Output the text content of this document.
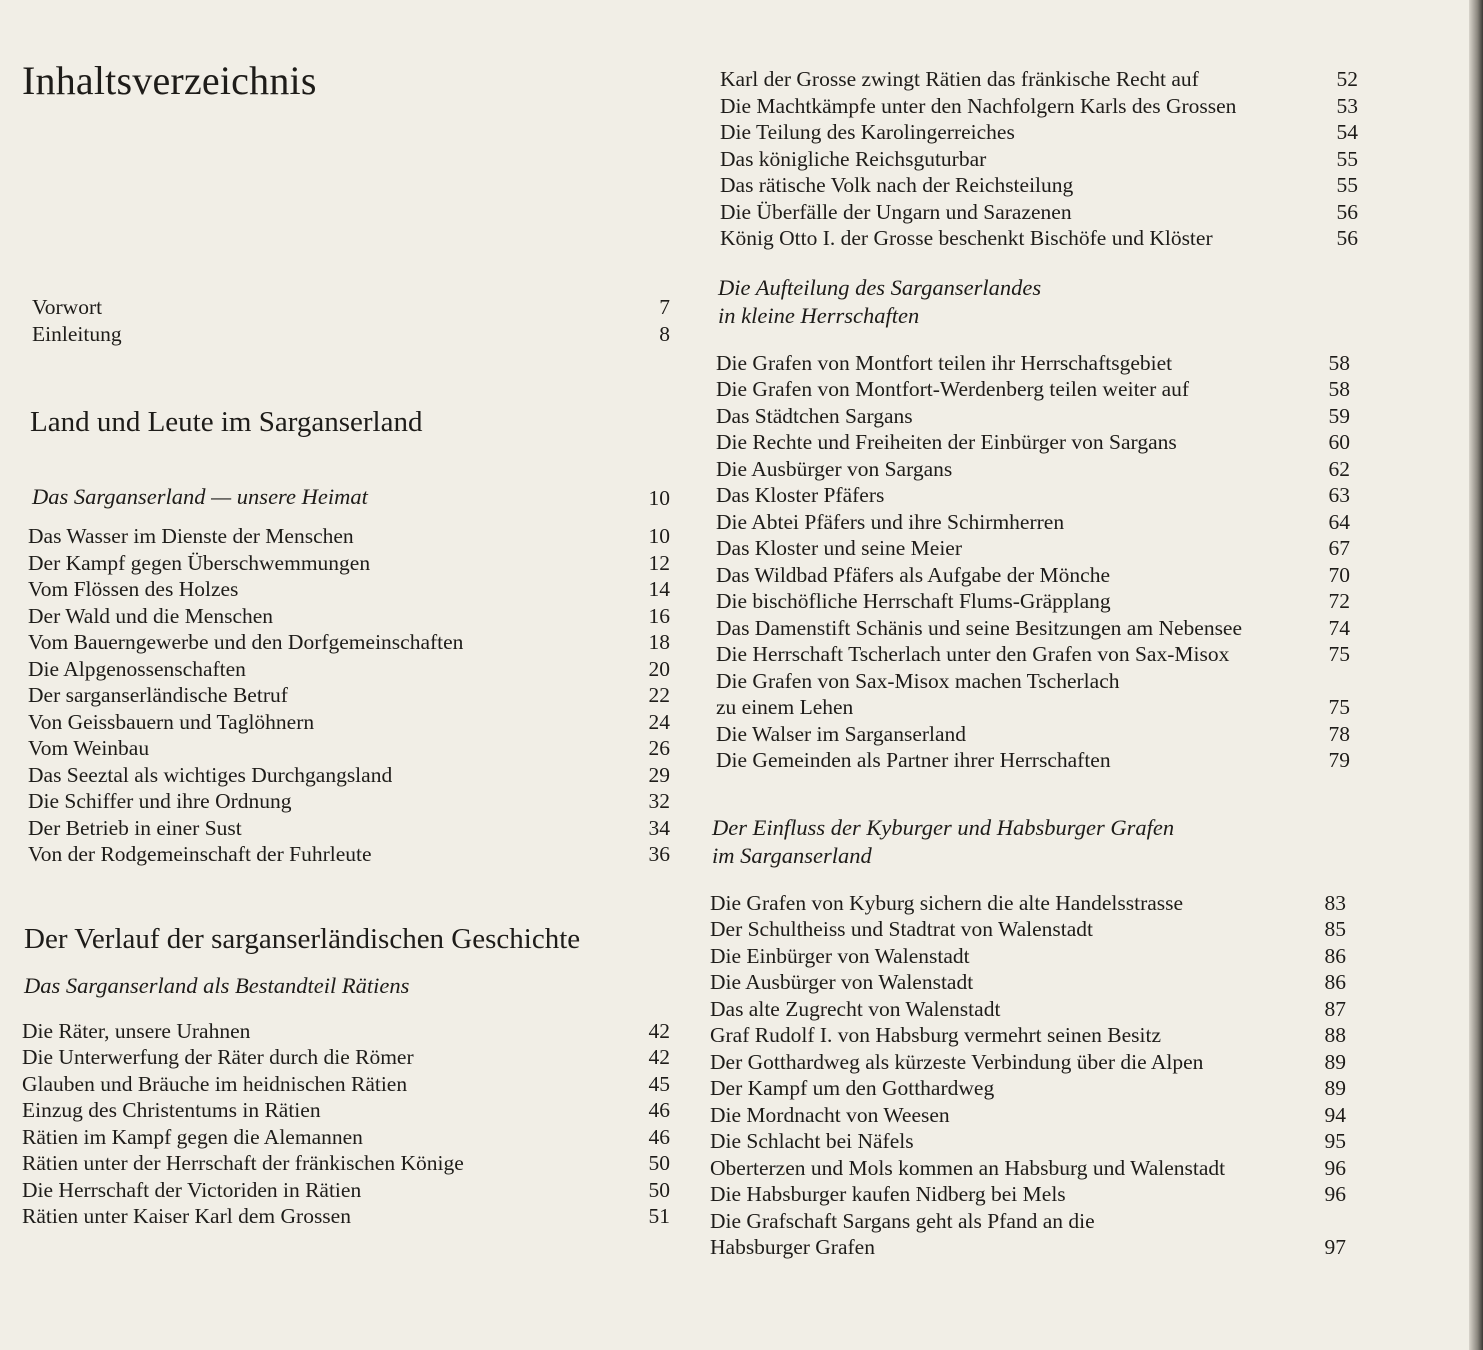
Inhaltsverzeichnis
Vorwort	7
Einleitung	8
Land und Leute im Sarganserland
Das Sarganserland — unsere Heimat	10
Das Wasser im Dienste der Menschen	10
Der Kampf gegen Überschwemmungen	12
Vom Flössen des Holzes	14
Der Wald und die Menschen	16
Vom Bauerngewerbe und den Dorfgemeinschaften	18
Die Alpgenossenschaften	20
Der sarganserländische Betruf	22
Von Geissbauern und Taglöhnern	24
Vom Weinbau	26
Das Seeztal als wichtiges Durchgangsland	29
Die Schiffer und ihre Ordnung	32
Der Betrieb in einer Sust	34
Von der Rodgemeinschaft der Fuhrleute	36
Der Verlauf der sarganserländischen Geschichte
Das Sarganserland als Bestandteil Rätiens
Die Räter, unsere Urahnen	42
Die Unterwerfung der Räter durch die Römer	42
Glauben und Bräuche im heidnischen Rätien	45
Einzug des Christentums in Rätien	46
Rätien im Kampf gegen die Alemannen	46
Rätien unter der Herrschaft der fränkischen Könige	50
Die Herrschaft der Victoriden in Rätien	50
Rätien unter Kaiser Karl dem Grossen	51
Karl der Grosse zwingt Rätien das fränkische Recht auf	52
Die Machtkämpfe unter den Nachfolgern Karls des Grossen	53
Die Teilung des Karolingerreiches	54
Das königliche Reichsguturbar	55
Das rätische Volk nach der Reichsteilung	55
Die Überfälle der Ungarn und Sarazenen	56
König Otto I. der Grosse beschenkt Bischöfe und Klöster	56
Die Aufteilung des Sarganserlandes
in kleine Herrschaften
Die Grafen von Montfort teilen ihr Herrschaftsgebiet	58
Die Grafen von Montfort-Werdenberg teilen weiter auf	58
Das Städtchen Sargans	59
Die Rechte und Freiheiten der Einbürger von Sargans	60
Die Ausbürger von Sargans	62
Das Kloster Pfäfers	63
Die Abtei Pfäfers und ihre Schirmherren	64
Das Kloster und seine Meier	67
Das Wildbad Pfäfers als Aufgabe der Mönche	70
Die bischöfliche Herrschaft Flums-Gräpplang	72
Das Damenstift Schänis und seine Besitzungen am Nebensee	74
Die Herrschaft Tscherlach unter den Grafen von Sax-Misox	75
Die Grafen von Sax-Misox machen Tscherlach
zu einem Lehen	75
Die Walser im Sarganserland	78
Die Gemeinden als Partner ihrer Herrschaften	79
Der Einfluss der Kyburger und Habsburger Grafen
im Sarganserland
Die Grafen von Kyburg sichern die alte Handelsstrasse	83
Der Schultheiss und Stadtrat von Walenstadt	85
Die Einbürger von Walenstadt	86
Die Ausbürger von Walenstadt	86
Das alte Zugrecht von Walenstadt	87
Graf Rudolf I. von Habsburg vermehrt seinen Besitz	88
Der Gotthardweg als kürzeste Verbindung über die Alpen	89
Der Kampf um den Gotthardweg	89
Die Mordnacht von Weesen	94
Die Schlacht bei Näfels	95
Oberterzen und Mols kommen an Habsburg und Walenstadt	96
Die Habsburger kaufen Nidberg bei Mels	96
Die Grafschaft Sargans geht als Pfand an die
Habsburger Grafen	97
